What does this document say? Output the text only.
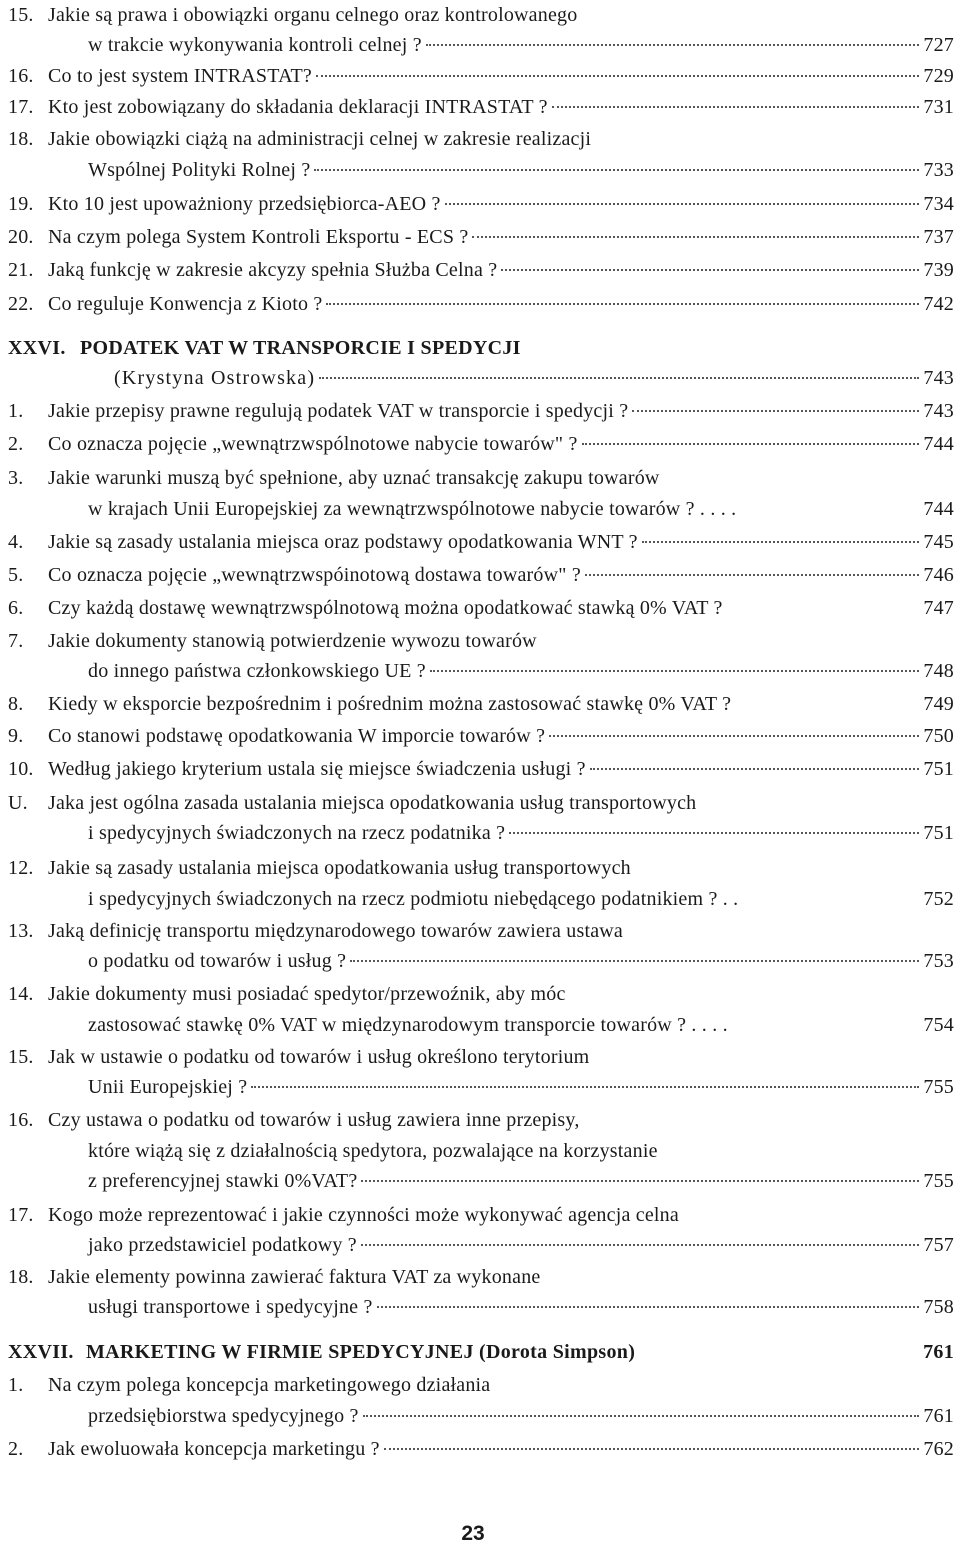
15. Jakie są prawa i obowiązki organu celnego oraz kontrolowanego
w trakcie wykonywania kontroli celnej ?	727
16. Co to jest system INTRASTAT?	729
17. Kto jest zobowiązany do składania deklaracji INTRASTAT ?	731
18. Jakie obowiązki ciążą na administracji celnej w zakresie realizacji
Wspólnej Polityki Rolnej ?	733
19. Kto 10 jest upoważniony przedsiębiorca-AEO ?	734
20. Na czym polega System Kontroli Eksportu - ECS ?	737
21. Jaką funkcję w zakresie akcyzy spełnia Służba Celna ?	739
22. Co reguluje Konwencja z Kioto ?	742
XXVI. PODATEK VAT W TRANSPORCIE I SPEDYCJI
(Krystyna Ostrowska)	743
1.	Jakie przepisy prawne regulują podatek VAT w transporcie i spedycji ?	743
2.	Co oznacza pojęcie „wewnątrzwspólnotowe nabycie towarów" ?	744
3.	Jakie warunki muszą być spełnione, aby uznać transakcję zakupu towarów
w krajach Unii Europejskiej za wewnątrzwspólnotowe nabycie towarów ? . . . .	744
4.	Jakie są zasady ustalania miejsca oraz podstawy opodatkowania WNT ?	745
5.	Co oznacza pojęcie „wewnątrzwspóinotową dostawa towarów" ?	746
6.	Czy każdą dostawę wewnątrzwspólnotową można opodatkować stawką 0% VAT ?	747
7.	Jakie dokumenty stanowią potwierdzenie wywozu towarów
do innego państwa członkowskiego UE ?	748
8.	Kiedy w eksporcie bezpośrednim i pośrednim można zastosować stawkę 0% VAT ?	749
9.	Co stanowi podstawę opodatkowania W imporcie towarów ?	750
10. Według jakiego kryterium ustala się miejsce świadczenia usługi ?	751
U.	Jaka jest ogólna zasada ustalania miejsca opodatkowania usług transportowych
i spedycyjnych świadczonych na rzecz podatnika ?	751
12. Jakie są zasady ustalania miejsca opodatkowania usług transportowych
i spedycyjnych świadczonych na rzecz podmiotu niebędącego podatnikiem ? . .	752
13. Jaką definicję transportu międzynarodowego towarów zawiera ustawa
o podatku od towarów i usług ?	753
14. Jakie dokumenty musi posiadać spedytor/przewoźnik, aby móc
zastosować stawkę 0% VAT w międzynarodowym transporcie towarów ? . . . .	754
15. Jak w ustawie o podatku od towarów i usług określono terytorium
Unii Europejskiej ?	755
16. Czy ustawa o podatku od towarów i usług zawiera inne przepisy,
które wiążą się z działalnością spedytora, pozwalające na korzystanie
z preferencyjnej stawki 0%VAT?	755
17. Kogo może reprezentować i jakie czynności może wykonywać agencja celna
jako przedstawiciel podatkowy ?	757
18. Jakie elementy powinna zawierać faktura VAT za wykonane
usługi transportowe i spedycyjne ?	758
XXVII. MARKETING W FIRMIE SPEDYCYJNEJ (Dorota Simpson)	761
1.	Na czym polega koncepcja marketingowego działania
przedsiębiorstwa spedycyjnego ?	761
2.	Jak ewoluowała koncepcja marketingu ?	762
23
